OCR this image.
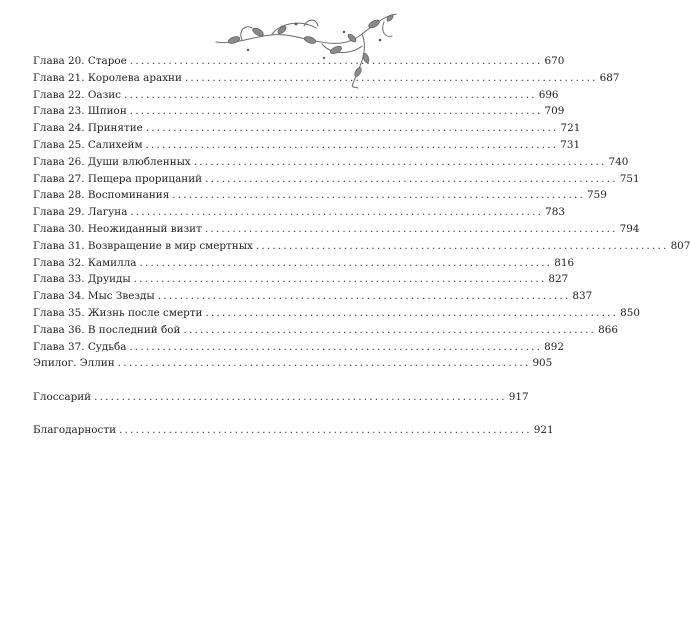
Глава 20. Старое ........................................................................... 670
Глава 21. Королева арахни ........................................................................... 687
Глава 22. Оазис ........................................................................... 696
Глава 23. Шпион ........................................................................... 709
Глава 24. Принятие ........................................................................... 721
Глава 25. Салихейм ........................................................................... 731
Глава 26. Души влюбленных ........................................................................... 740
Глава 27. Пещера прорицаний ........................................................................... 751
Глава 28. Воспоминания ........................................................................... 759
Глава 29. Лагуна ........................................................................... 783
Глава 30. Неожиданный визит ........................................................................... 794
Глава 31. Возвращение в мир смертных ........................................................................... 807
Глава 32. Камилла ........................................................................... 816
Глава 33. Друиды ........................................................................... 827
Глава 34. Мыс Звезды ........................................................................... 837
Глава 35. Жизнь после смерти ........................................................................... 850
Глава 36. В последний бой ........................................................................... 866
Глава 37. Судьба ........................................................................... 892
Эпилог. Эллин ........................................................................... 905
Глоссарий ........................................................................... 917
Благодарности ........................................................................... 921
